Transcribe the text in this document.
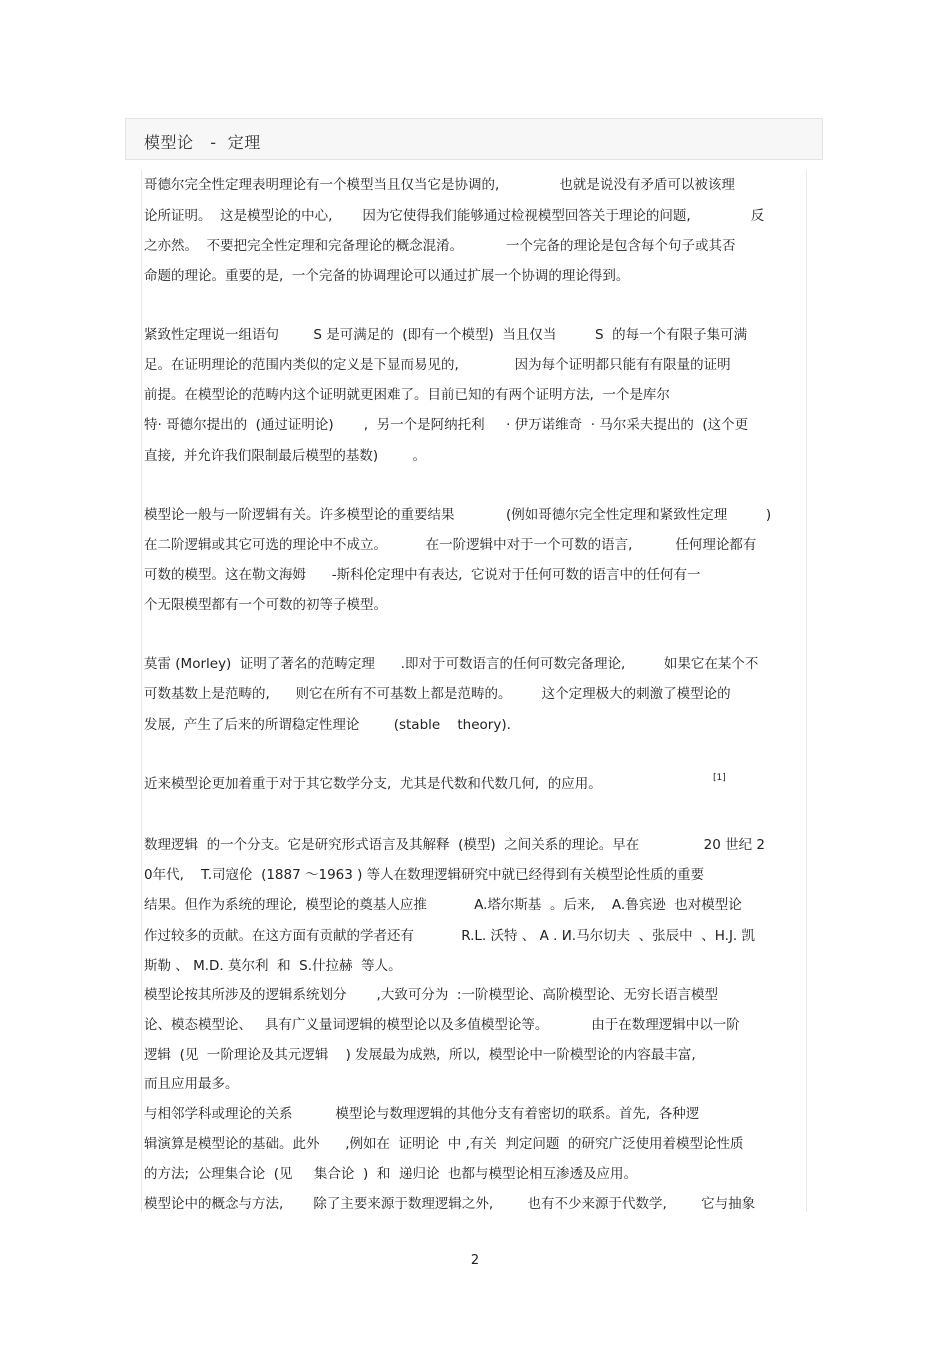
模型论   -  定理
哥德尔完全性定理表明理论有一个模型当且仅当它是协调的,              也就是说没有矛盾可以被该理
论所证明。  这是模型论的中心,       因为它使得我们能够通过检视模型回答关于理论的问题,              反
之亦然。  不要把完全性定理和完备理论的概念混淆。          一个完备的理论是包含每个句子或其否
命题的理论。重要的是,  一个完备的协调理论可以通过扩展一个协调的理论得到。
紧致性定理说一组语句        S 是可满足的  (即有一个模型)  当且仅当         S  的每一个有限子集可满
足。在证明理论的范围内类似的定义是下显而易见的,             因为每个证明都只能有有限量的证明
前提。在模型论的范畴内这个证明就更困难了。目前已知的有两个证明方法,  一个是库尔
特· 哥德尔提出的  (通过证明论)       ,  另一个是阿纳托利     · 伊万诺维奇  · 马尔采夫提出的  (这个更
直接,  并允许我们限制最后模型的基数)        。
模型论一般与一阶逻辑有关。许多模型论的重要结果            (例如哥德尔完全性定理和紧致性定理         )
在二阶逻辑或其它可选的理论中不成立。         在一阶逻辑中对于一个可数的语言,          任何理论都有
可数的模型。这在勒文海姆      -斯科伦定理中有表达,  它说对于任何可数的语言中的任何有一
个无限模型都有一个可数的初等子模型。
莫雷 (Morley)  证明了著名的范畴定理      .即对于可数语言的任何可数完备理论,         如果它在某个不
可数基数上是范畴的,      则它在所有不可基数上都是范畴的。       这个定理极大的刺激了模型论的
发展,  产生了后来的所谓稳定性理论        (stable    theory).
近来模型论更加着重于对于其它数学分支,  尤其是代数和代数几何,  的应用。	[1]
数理逻辑  的一个分支。它是研究形式语言及其解释  (模型)  之间关系的理论。早在               20 世纪 2
0年代,    T.司寇伦  (1887 ～1963 ) 等人在数理逻辑研究中就已经得到有关模型论性质的重要
结果。但作为系统的理论,  模型论的奠基人应推           A.塔尔斯基  。后来,    A.鲁宾逊  也对模型论
作过较多的贡献。在这方面有贡献的学者还有           R.L. 沃特 、 A . И.马尔切夫  、张辰中  、H.J. 凯
斯勒 、 M.D. 莫尔利  和  S.什拉赫  等人。
模型论按其所涉及的逻辑系统划分       ,大致可分为  :一阶模型论、高阶模型论、无穷长语言模型
论、模态模型论、   具有广义量词逻辑的模型论以及多值模型论等。          由于在数理逻辑中以一阶
逻辑  (见  一阶理论及其元逻辑    ) 发展最为成熟,  所以,  模型论中一阶模型论的内容最丰富,
而且应用最多。
与相邻学科或理论的关系          模型论与数理逻辑的其他分支有着密切的联系。首先,  各种逻
辑演算是模型论的基础。此外      ,例如在  证明论  中 ,有关  判定问题  的研究广泛使用着模型论性质
的方法;  公理集合论  (见     集合论  )  和  递归论  也都与模型论相互渗透及应用。
模型论中的概念与方法,       除了主要来源于数理逻辑之外,        也有不少来源于代数学,        它与抽象
2
